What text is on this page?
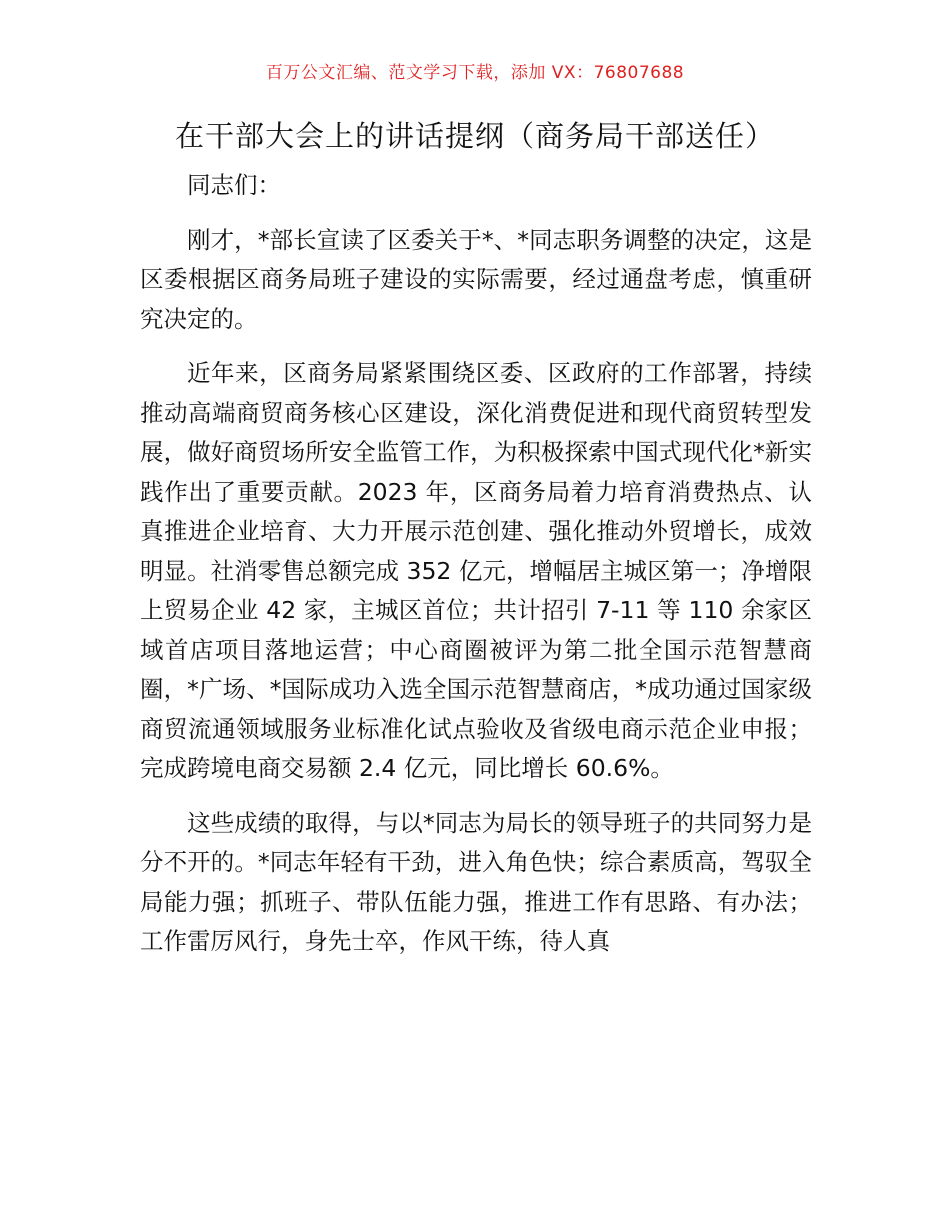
百万公文汇编、范文学习下载，添加 VX：76807688
在干部大会上的讲话提纲（商务局干部送任）

同志们：

刚才，*部长宣读了区委关于*、*同志职务调整的决定，这是区委根据区商务局班子建设的实际需要，经过通盘考虑，慎重研究决定的。

近年来，区商务局紧紧围绕区委、区政府的工作部署，持续推动高端商贸商务核心区建设，深化消费促进和现代商贸转型发展，做好商贸场所安全监管工作，为积极探索中国式现代化*新实践作出了重要贡献。2023 年，区商务局着力培育消费热点、认真推进企业培育、大力开展示范创建、强化推动外贸增长，成效明显。社消零售总额完成 352 亿元，增幅居主城区第一；净增限上贸易企业 42 家，主城区首位；共计招引 7-11 等 110 余家区域首店项目落地运营；中心商圈被评为第二批全国示范智慧商圈，*广场、*国际成功入选全国示范智慧商店，*成功通过国家级商贸流通领域服务业标准化试点验收及省级电商示范企业申报；完成跨境电商交易额 2.4 亿元，同比增长 60.6%。

这些成绩的取得，与以*同志为局长的领导班子的共同努力是分不开的。*同志年轻有干劲，进入角色快；综合素质高，驾驭全局能力强；抓班子、带队伍能力强，推进工作有思路、有办法；工作雷厉风行，身先士卒，作风干练，待人真
